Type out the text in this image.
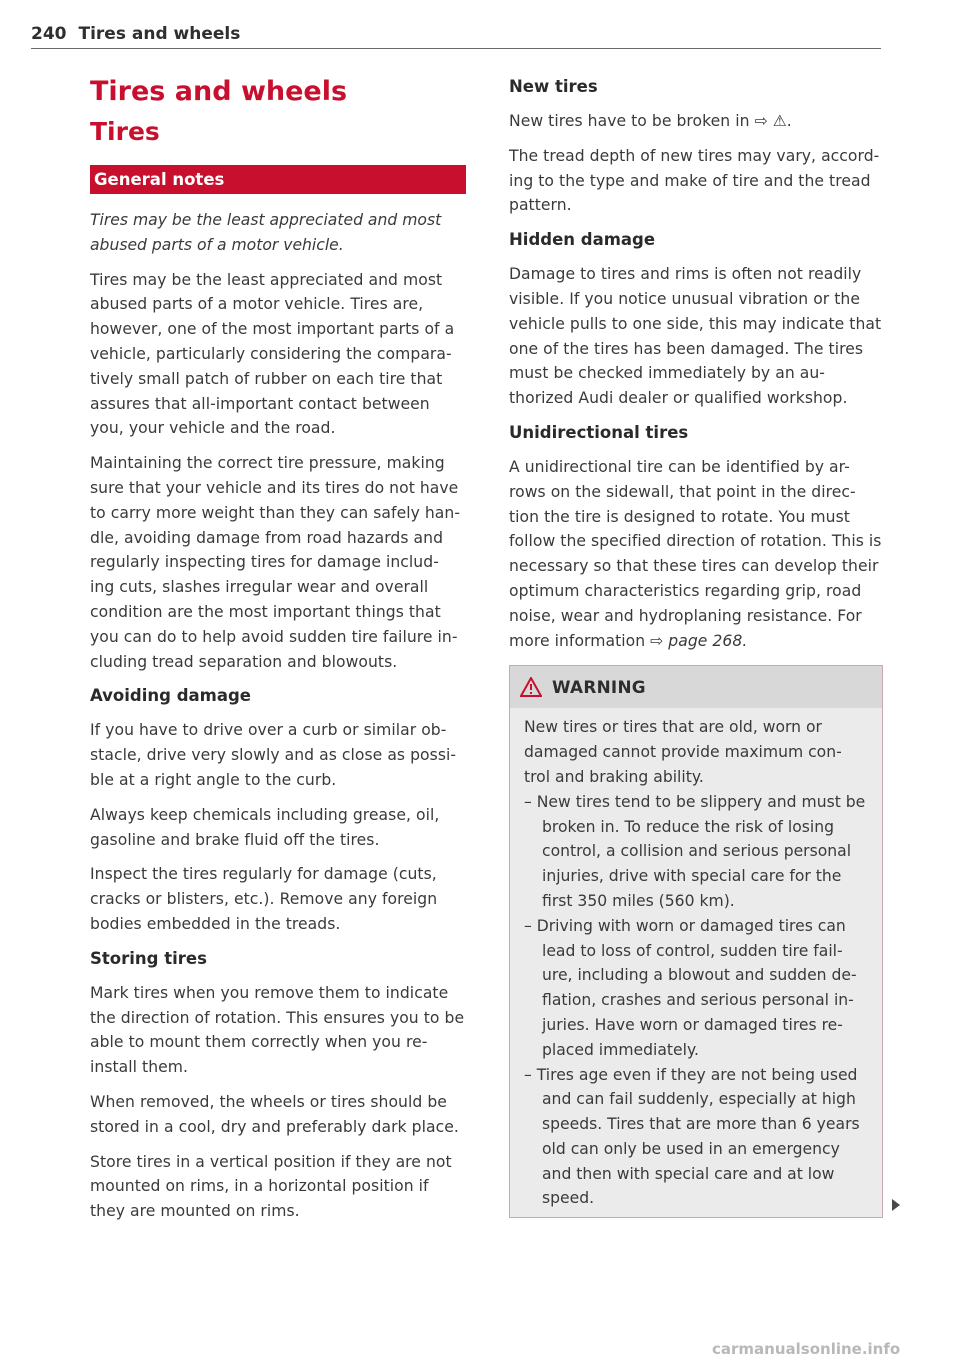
240 Tires and wheels
Tires and wheels
Tires
General notes

Tires may be the least appreciated and most abused parts of a motor vehicle.

Tires may be the least appreciated and most abused parts of a motor vehicle. Tires are, however, one of the most important parts of a vehicle, particularly considering the compara- tively small patch of rubber on each tire that assures that all-important contact between you, your vehicle and the road.

Maintaining the correct tire pressure, making sure that your vehicle and its tires do not have to carry more weight than they can safely han- dle, avoiding damage from road hazards and regularly inspecting tires for damage includ- ing cuts, slashes irregular wear and overall condition are the most important things that you can do to help avoid sudden tire failure in- cluding tread separation and blowouts.

Avoiding damage

If you have to drive over a curb or similar ob- stacle, drive very slowly and as close as possi- ble at a right angle to the curb.

Always keep chemicals including grease, oil, gasoline and brake fluid off the tires.

Inspect the tires regularly for damage (cuts, cracks or blisters, etc.). Remove any foreign bodies embedded in the treads.

Storing tires

Mark tires when you remove them to indicate the direction of rotation. This ensures you to be able to mount them correctly when you re- install them.

When removed, the wheels or tires should be stored in a cool, dry and preferably dark place.

Store tires in a vertical position if they are not mounted on rims, in a horizontal position if they are mounted on rims.

New tires

New tires have to be broken in ⇨ ⚠.

The tread depth of new tires may vary, accord- ing to the type and make of tire and the tread pattern.

Hidden damage

Damage to tires and rims is often not readily visible. If you notice unusual vibration or the vehicle pulls to one side, this may indicate that one of the tires has been damaged. The tires must be checked immediately by an au- thorized Audi dealer or qualified workshop.

Unidirectional tires

A unidirectional tire can be identified by ar- rows on the sidewall, that point in the direc- tion the tire is designed to rotate. You must follow the specified direction of rotation. This is necessary so that these tires can develop their optimum characteristics regarding grip, road noise, wear and hydroplaning resistance. For more information ⇨ page 268.

WARNING

New tires or tires that are old, worn or damaged cannot provide maximum con- trol and braking ability.

– New tires tend to be slippery and must be broken in. To reduce the risk of losing control, a collision and serious personal injuries, drive with special care for the first 350 miles (560 km).
– Driving with worn or damaged tires can lead to loss of control, sudden tire fail- ure, including a blowout and sudden de- flation, crashes and serious personal in- juries. Have worn or damaged tires re- placed immediately.
– Tires age even if they are not being used and can fail suddenly, especially at high speeds. Tires that are more than 6 years old can only be used in an emergency and then with special care and at low speed.
carmanualsonline.info
